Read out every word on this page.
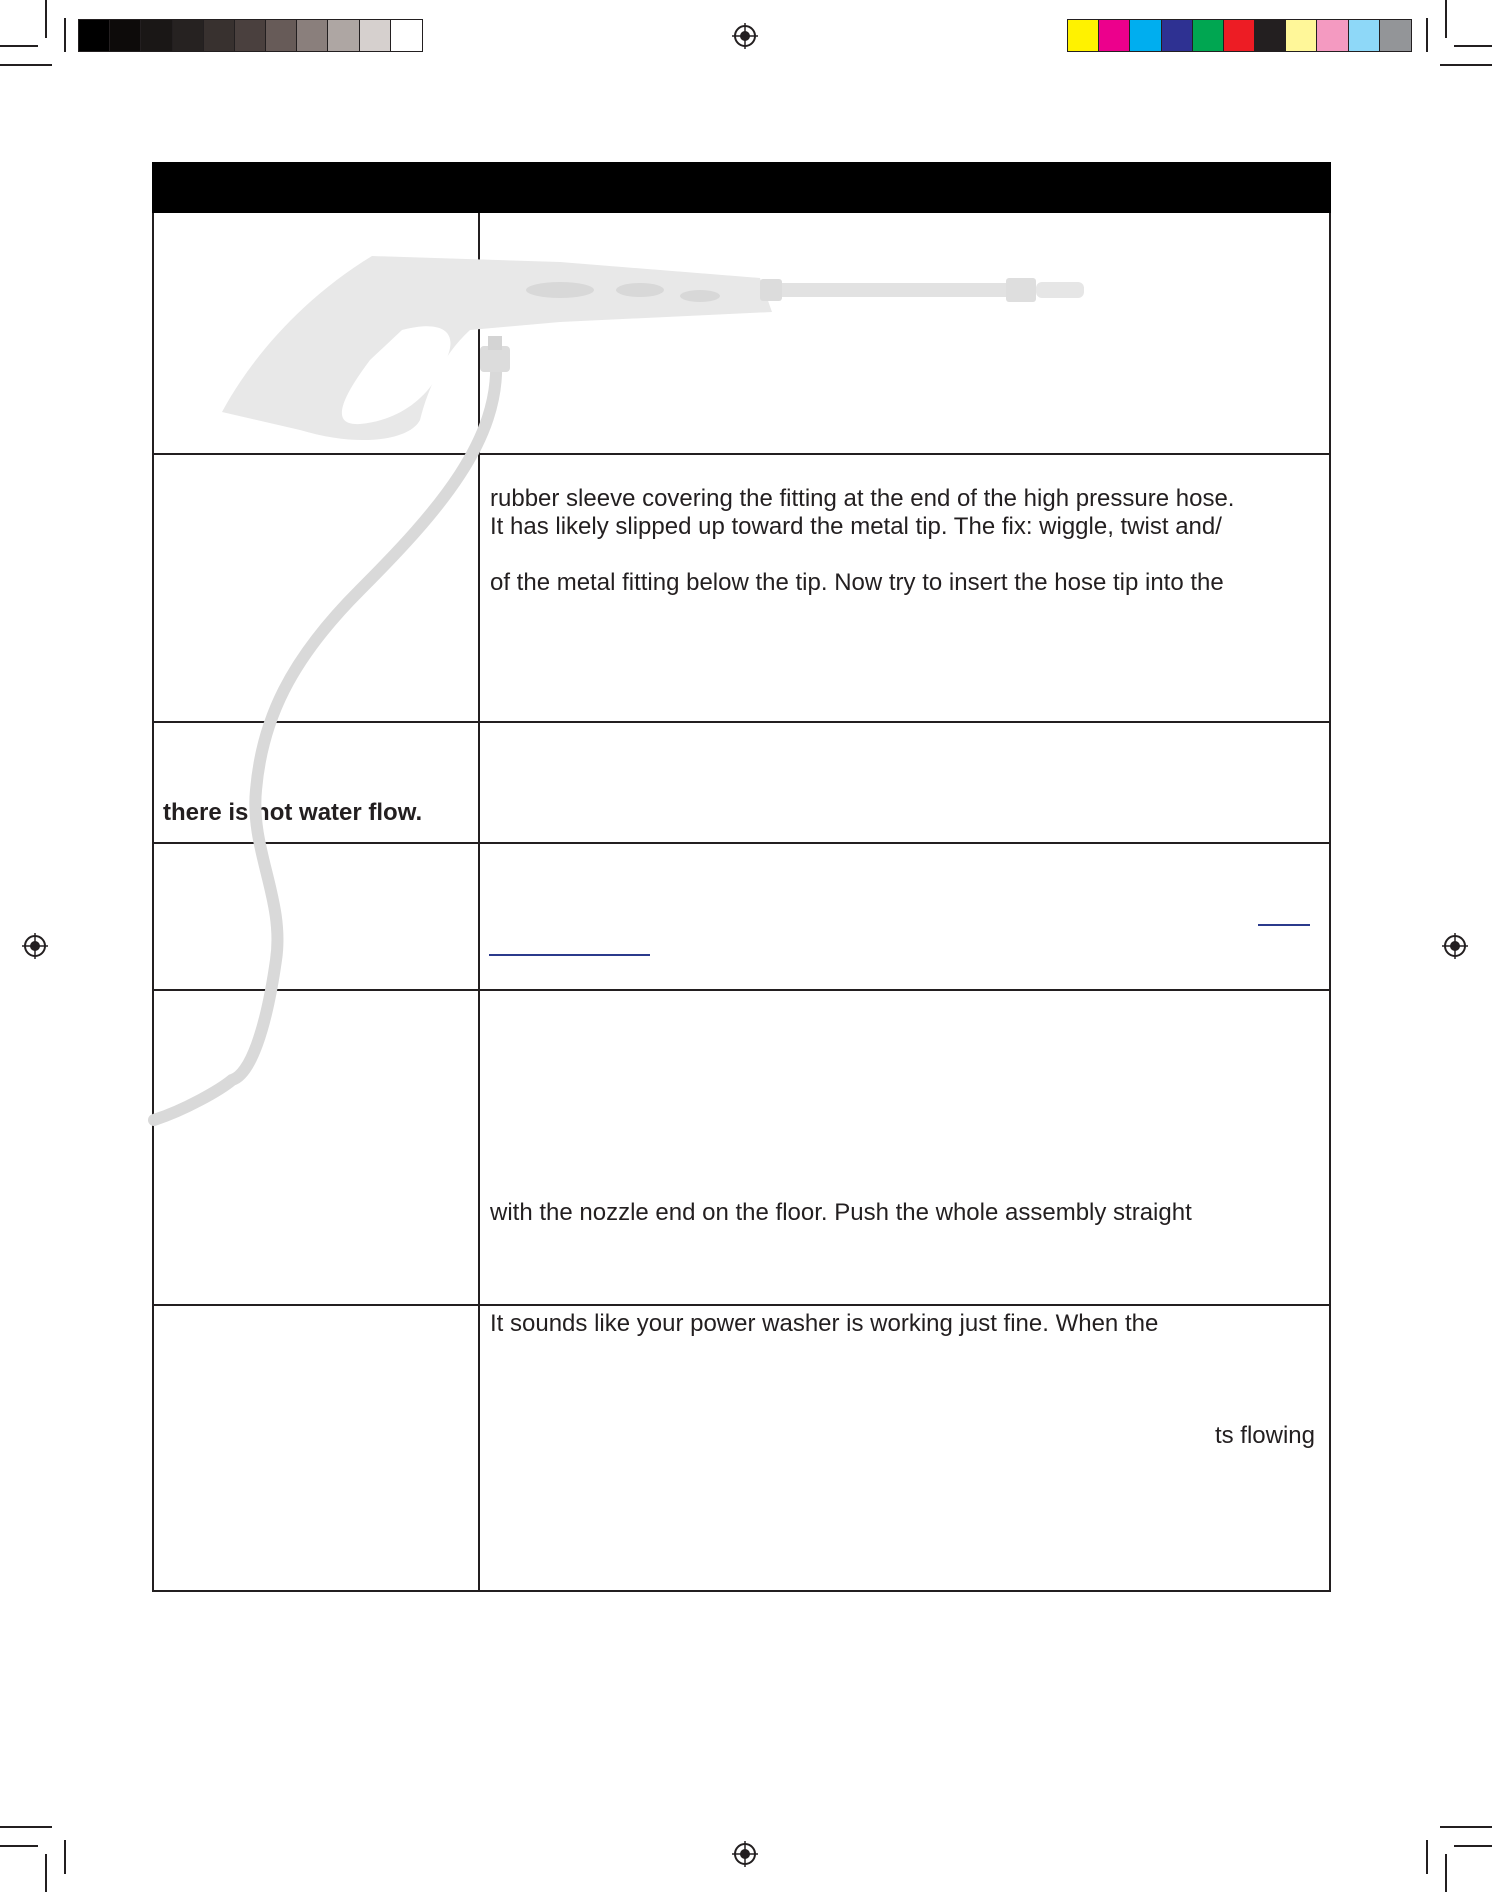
rubber sleeve covering the fitting at the end of the high pressure hose.
It has likely slipped up toward the metal tip. The fix: wiggle, twist and/
of the metal fitting below the tip. Now try to insert the hose tip into the
there is not water flow.
with the nozzle end on the floor. Push the whole assembly straight
It sounds like your power washer is working just fine. When the
ts flowing
